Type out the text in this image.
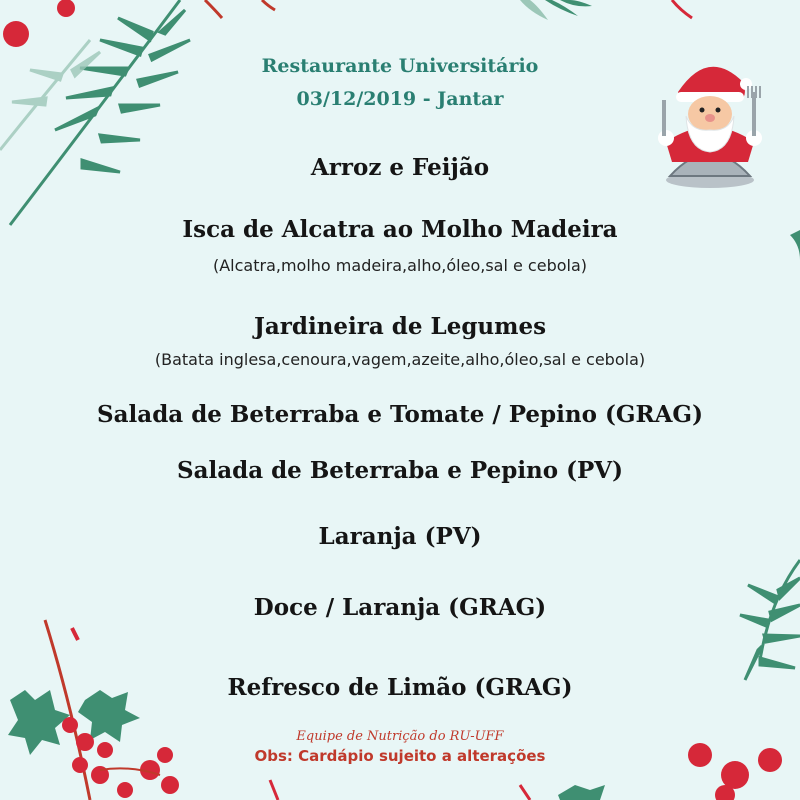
Restaurante Universitário
03/12/2019 - Jantar
Arroz e Feijão
Isca de Alcatra ao Molho Madeira
(Alcatra,molho madeira,alho,óleo,sal e cebola)
Jardineira de Legumes
(Batata inglesa,cenoura,vagem,azeite,alho,óleo,sal e cebola)
Salada de Beterraba e Tomate / Pepino (GRAG)
Salada de Beterraba e Pepino (PV)
Laranja (PV)
Doce / Laranja (GRAG)
Refresco de Limão (GRAG)
Equipe de Nutrição do RU-UFF
Obs: Cardápio sujeito a alterações
